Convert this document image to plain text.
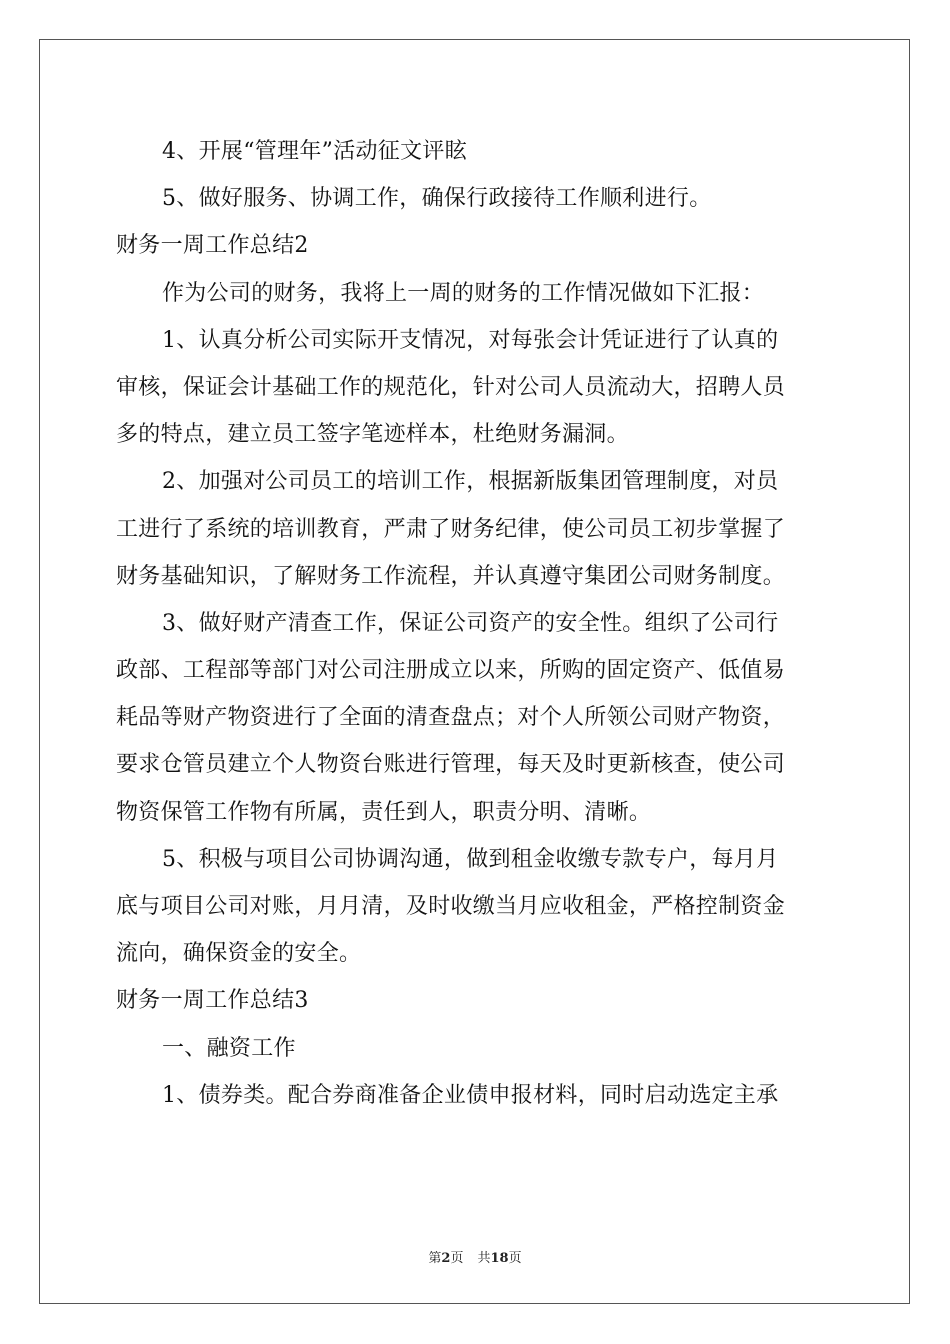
4、开展“管理年”活动征文评眩
5、做好服务、协调工作，确保行政接待工作顺利进行。
财务一周工作总结2
作为公司的财务，我将上一周的财务的工作情况做如下汇报：
1、认真分析公司实际开支情况，对每张会计凭证进行了认真的
审核，保证会计基础工作的规范化，针对公司人员流动大，招聘人员
多的特点，建立员工签字笔迹样本，杜绝财务漏洞。
2、加强对公司员工的培训工作，根据新版集团管理制度，对员
工进行了系统的培训教育，严肃了财务纪律，使公司员工初步掌握了
财务基础知识，了解财务工作流程，并认真遵守集团公司财务制度。
3、做好财产清查工作，保证公司资产的安全性。组织了公司行
政部、工程部等部门对公司注册成立以来，所购的固定资产、低值易
耗品等财产物资进行了全面的清查盘点；对个人所领公司财产物资，
要求仓管员建立个人物资台账进行管理，每天及时更新核查，使公司
物资保管工作物有所属，责任到人，职责分明、清晰。
5、积极与项目公司协调沟通，做到租金收缴专款专户，每月月
底与项目公司对账，月月清，及时收缴当月应收租金，严格控制资金
流向，确保资金的安全。
财务一周工作总结3
一、融资工作
1、债券类。配合券商准备企业债申报材料，同时启动选定主承
第2页 共18页
